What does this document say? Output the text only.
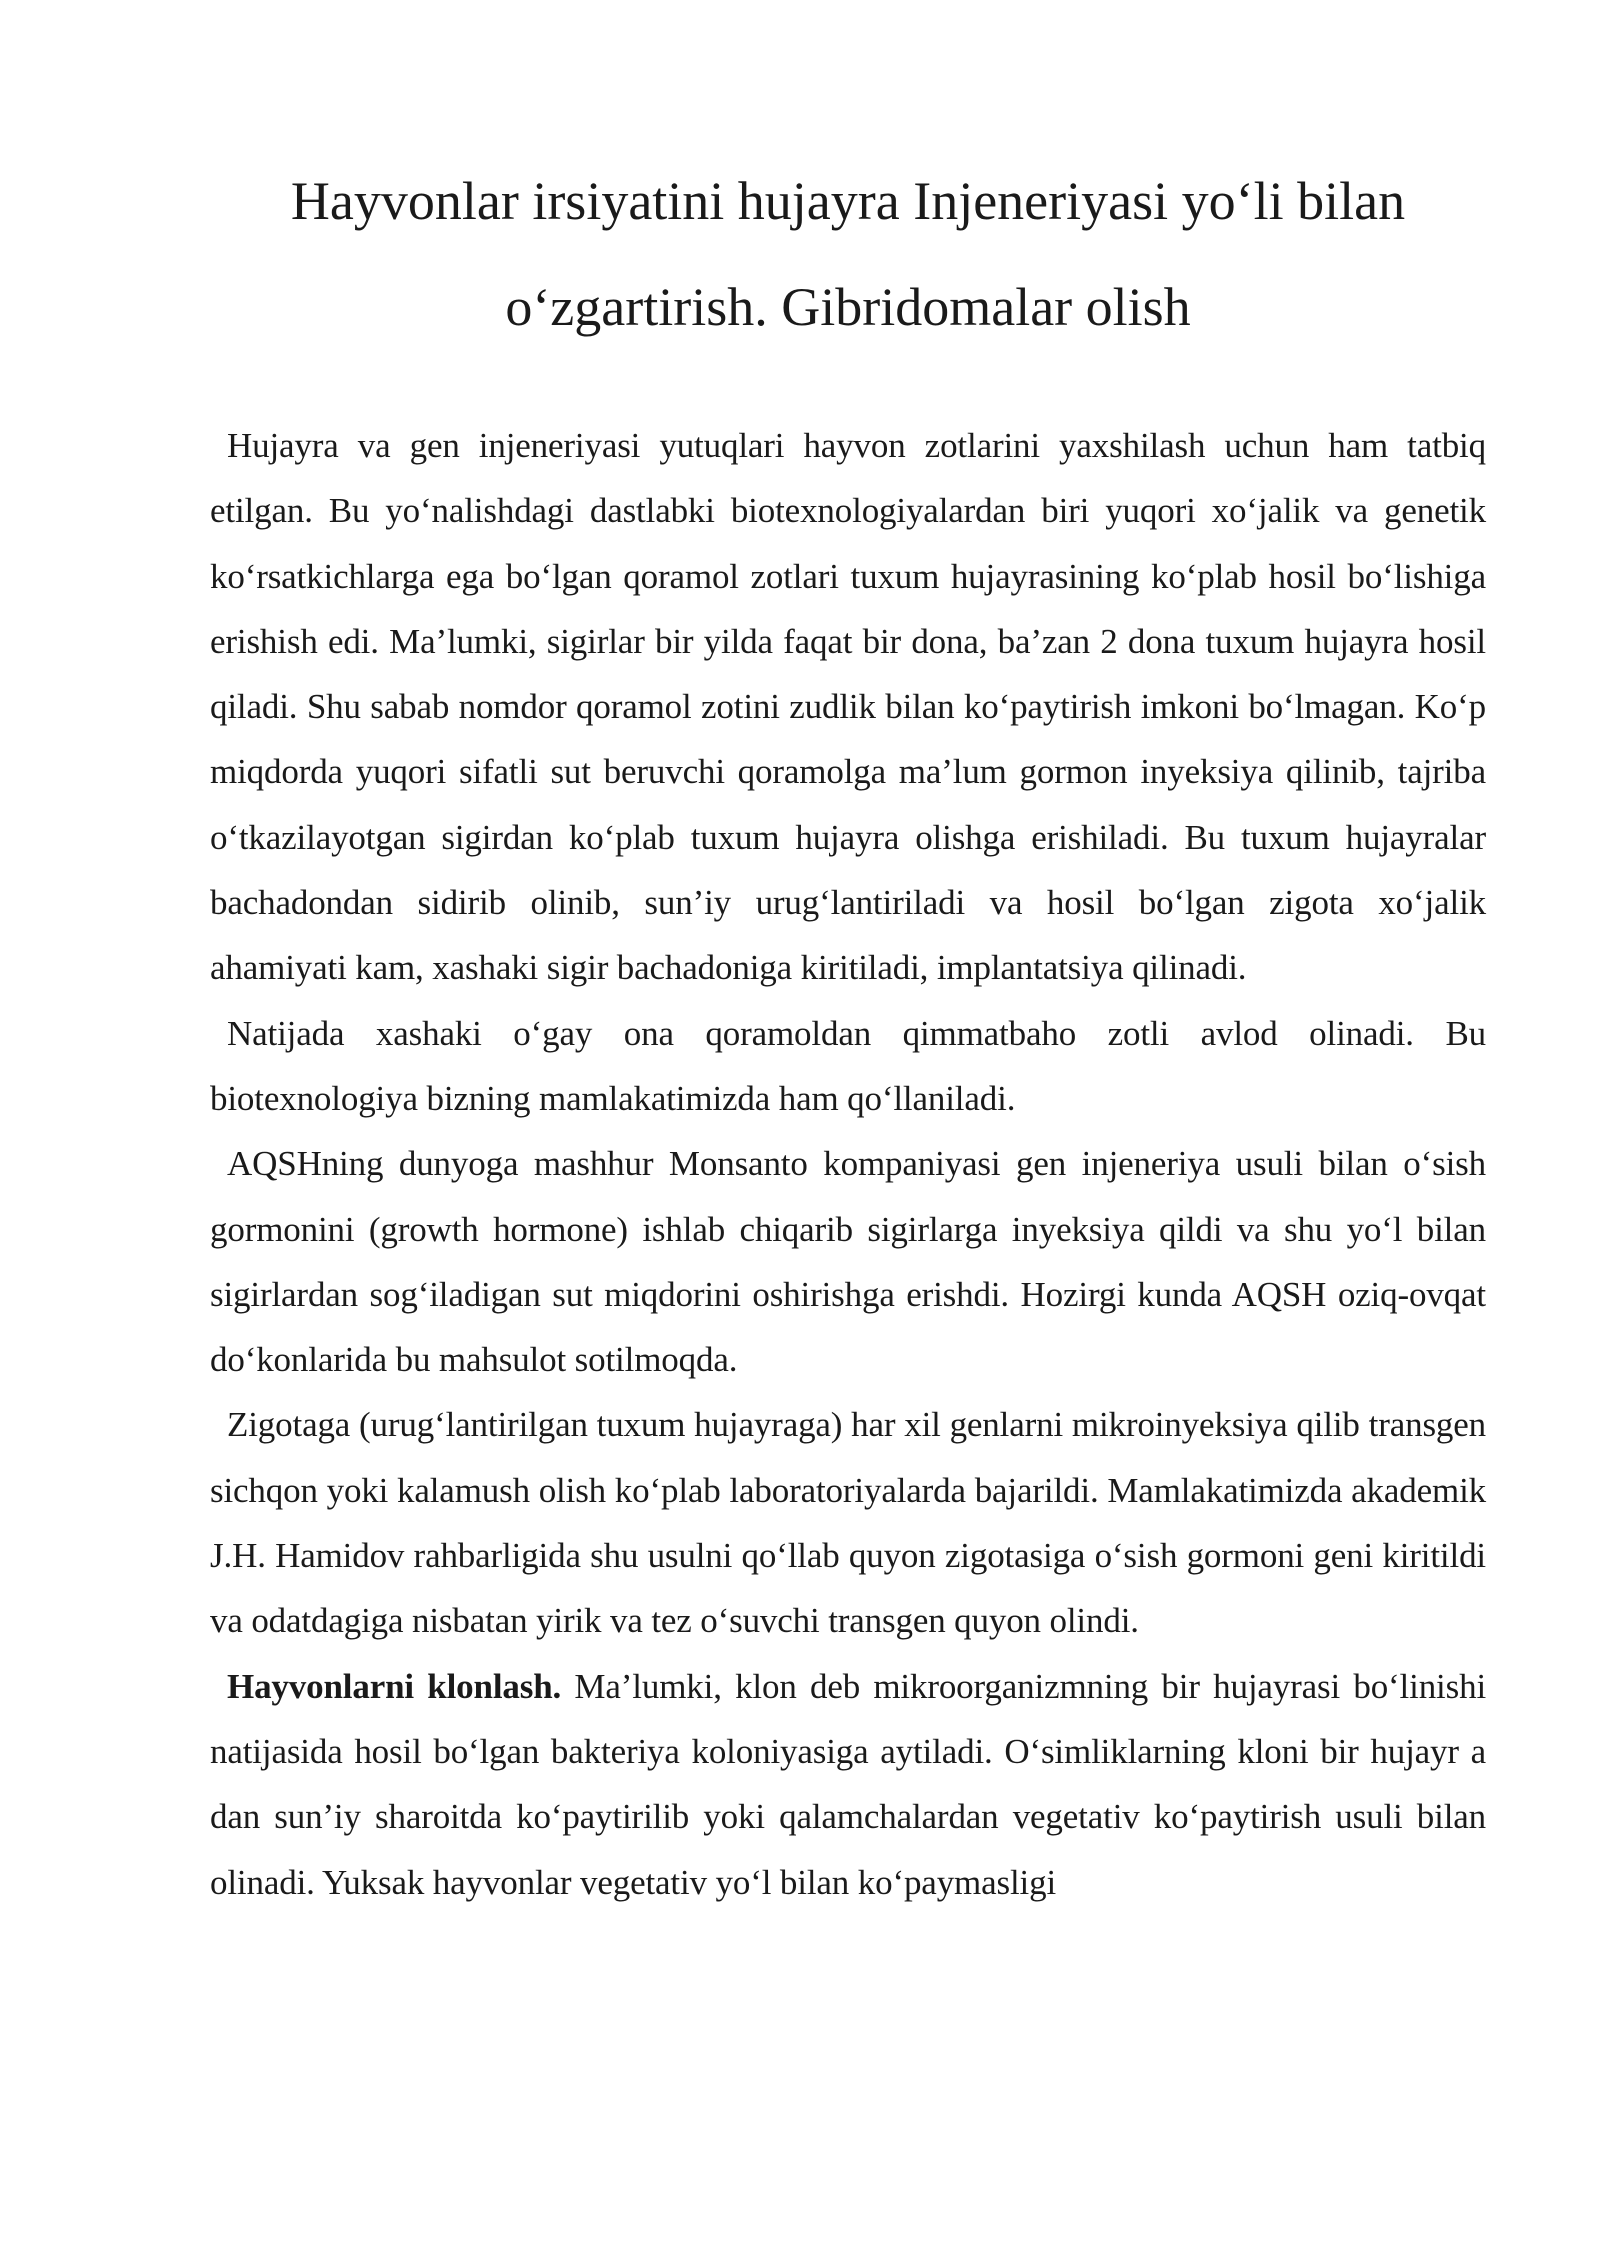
Hayvonlar irsiyatini hujayra Injeneriyasi yo‘li bilan o‘zgartirish. Gibridomalar olish

Hujayra va gen injeneriyasi yutuqlari hayvon zotlarini yaxshilash uchun ham tatbiq etilgan. Bu yo‘nalishdagi dastlabki biotexnologiyalardan biri yuqori xo‘jalik va genetik ko‘rsatkichlarga ega bo‘lgan qoramol zotlari tuxum hujayrasining ko‘plab hosil bo‘lishiga erishish edi. Ma’lumki, sigirlar bir yilda faqat bir dona, ba’zan 2 dona tuxum hujayra hosil qiladi. Shu sabab nomdor qoramol zotini zudlik bilan ko‘paytirish imkoni bo‘lmagan. Ko‘p miqdorda yuqori sifatli sut beruvchi qoramolga ma’lum gormon inyeksiya qilinib, tajriba o‘tkazilayotgan sigirdan ko‘plab tuxum hujayra olishga erishiladi. Bu tuxum hujayralar bachadondan sidirib olinib, sun’iy urug‘lantiriladi va hosil bo‘lgan zigota xo‘jalik ahamiyati kam, xashaki sigir bachadoniga kiritiladi, implantatsiya qilinadi.

Natijada xashaki o‘gay ona qoramoldan qimmatbaho zotli avlod olinadi. Bu biotexnologiya bizning mamlakatimizda ham qo‘llaniladi.

AQSHning dunyoga mashhur Monsanto kompaniyasi gen injeneriya usuli bilan o‘sish gormonini (growth hormone) ishlab chiqarib sigirlarga inyeksiya qildi va shu yo‘l bilan sigirlardan sog‘iladigan sut miqdorini oshirishga erishdi. Hozirgi kunda AQSH oziq-ovqat do‘konlarida bu mahsulot sotilmoqda.

Zigotaga (urug‘lantirilgan tuxum hujayraga) har xil genlarni mikroinyeksiya qilib transgen sichqon yoki kalamush olish ko‘plab laboratoriyalarda bajarildi. Mamlakatimizda akademik J.H. Hamidov rahbarligida shu usulni qo‘llab quyon zigotasiga o‘sish gormoni geni kiritildi va odatdagiga nisbatan yirik va tez o‘suvchi transgen quyon olindi.

Hayvonlarni klonlash. Ma’lumki, klon deb mikroorganizmning bir hujayrasi bo‘linishi natijasida hosil bo‘lgan bakteriya koloniyasiga aytiladi. O‘simliklarning kloni bir hujayr a dan sun’iy sharoitda ko‘paytirilib yoki qalamchalardan vegetativ ko‘paytirish usuli bilan olinadi. Yuksak hayvonlar vegetativ yo‘l bilan ko‘paymasligi
